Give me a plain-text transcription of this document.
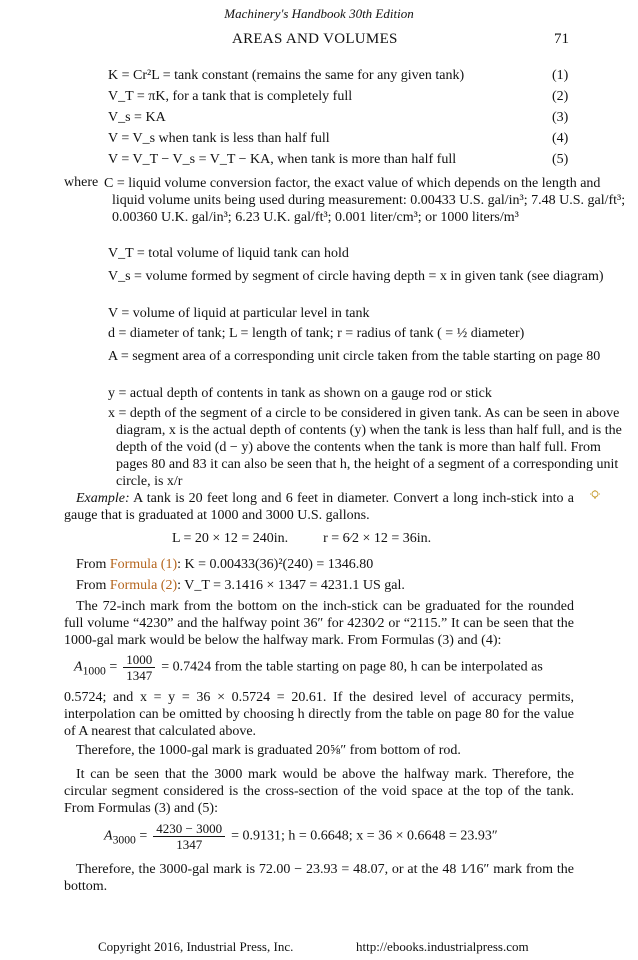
Machinery's Handbook 30th Edition
AREAS AND VOLUMES	71
K = Cr²L = tank constant (remains the same for any given tank)	(1)
V_T = πK, for a tank that is completely full	(2)
V_s = KA	(3)
V = V_s when tank is less than half full	(4)
V = V_T − V_s = V_T − KA, when tank is more than half full	(5)
where C = liquid volume conversion factor, the exact value of which depends on the length and liquid volume units being used during measurement: 0.00433 U.S. gal/in³; 7.48 U.S. gal/ft³; 0.00360 U.K. gal/in³; 6.23 U.K. gal/ft³; 0.001 liter/cm³; or 1000 liters/m³
V_T = total volume of liquid tank can hold
V_s = volume formed by segment of circle having depth = x in given tank (see diagram)
V = volume of liquid at particular level in tank
d = diameter of tank; L = length of tank; r = radius of tank ( = ½ diameter)
A = segment area of a corresponding unit circle taken from the table starting on page 80
y = actual depth of contents in tank as shown on a gauge rod or stick
x = depth of the segment of a circle to be considered in given tank. As can be seen in above diagram, x is the actual depth of contents (y) when the tank is less than half full, and is the depth of the void (d − y) above the contents when the tank is more than half full. From pages 80 and 83 it can also be seen that h, the height of a segment of a corresponding unit circle, is x/r
Example: A tank is 20 feet long and 6 feet in diameter. Convert a long inch-stick into a gauge that is graduated at 1000 and 3000 U.S. gallons.
L = 20 × 12 = 240in.          r = 6⁄2 × 12 = 36in.
From Formula (1): K = 0.00433(36)²(240) = 1346.80
From Formula (2): V_T = 3.1416 × 1347 = 4231.1 US gal.
The 72-inch mark from the bottom on the inch-stick can be graduated for the rounded full volume “4230” and the halfway point 36″ for 4230⁄2 or “2115.” It can be seen that the 1000-gal mark would be below the halfway mark. From Formulas (3) and (4):
$A_{1000} = \frac{1000}{1347} = 0.7424$ from the table starting on page 80, h can be interpolated as
0.5724; and x = y = 36 × 0.5724 = 20.61. If the desired level of accuracy permits, interpolation can be omitted by choosing h directly from the table on page 80 for the value of A nearest that calculated above.
Therefore, the 1000-gal mark is graduated 20⅝″ from bottom of rod.
It can be seen that the 3000 mark would be above the halfway mark. Therefore, the circular segment considered is the cross-section of the void space at the top of the tank. From Formulas (3) and (5):
$A_{3000} = \frac{4230 - 3000}{1347} = 0.9131$; h = 0.6648; x = 36 × 0.6648 = 23.93″
Therefore, the 3000-gal mark is 72.00 − 23.93 = 48.07, or at the 48 1⁄16″ mark from the bottom.
Copyright 2016, Industrial Press, Inc.	http://ebooks.industrialpress.com
